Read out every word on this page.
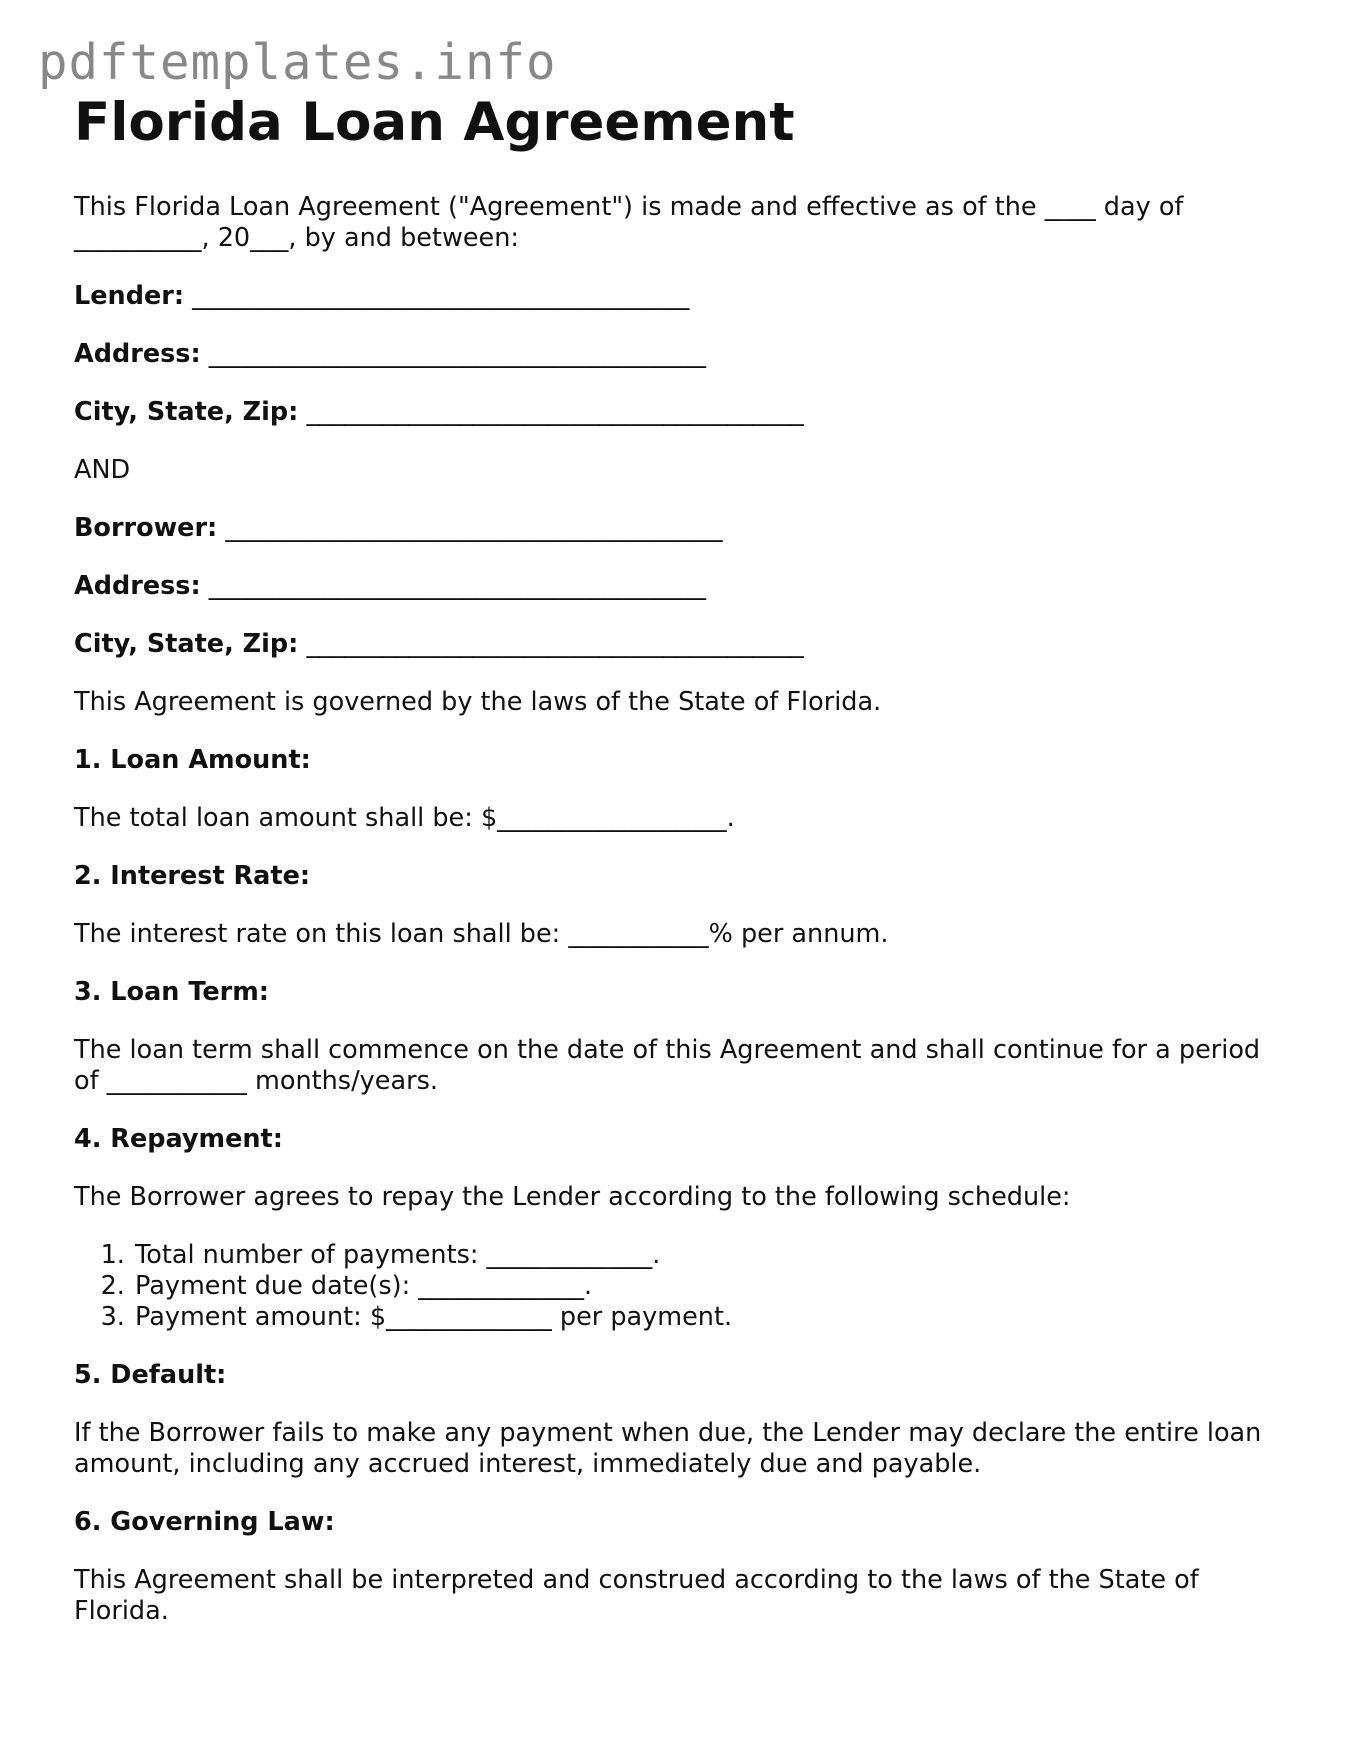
pdftemplates.info
Florida Loan Agreement

This Florida Loan Agreement ("Agreement") is made and effective as of the ____ day of __________, 20___, by and between:

Lender: _______________________________________
Address: _______________________________________
City, State, Zip: _______________________________________

AND

Borrower: _______________________________________
Address: _______________________________________
City, State, Zip: _______________________________________

This Agreement is governed by the laws of the State of Florida.

1. Loan Amount:

The total loan amount shall be: $__________________.

2. Interest Rate:

The interest rate on this loan shall be: ___________% per annum.

3. Loan Term:

The loan term shall commence on the date of this Agreement and shall continue for a period of ___________ months/years.

4. Repayment:

The Borrower agrees to repay the Lender according to the following schedule:

1. Total number of payments: _____________.
2. Payment due date(s): _____________.
3. Payment amount: $_____________ per payment.
5. Default:

If the Borrower fails to make any payment when due, the Lender may declare the entire loan amount, including any accrued interest, immediately due and payable.

6. Governing Law:

This Agreement shall be interpreted and construed according to the laws of the State of Florida.
